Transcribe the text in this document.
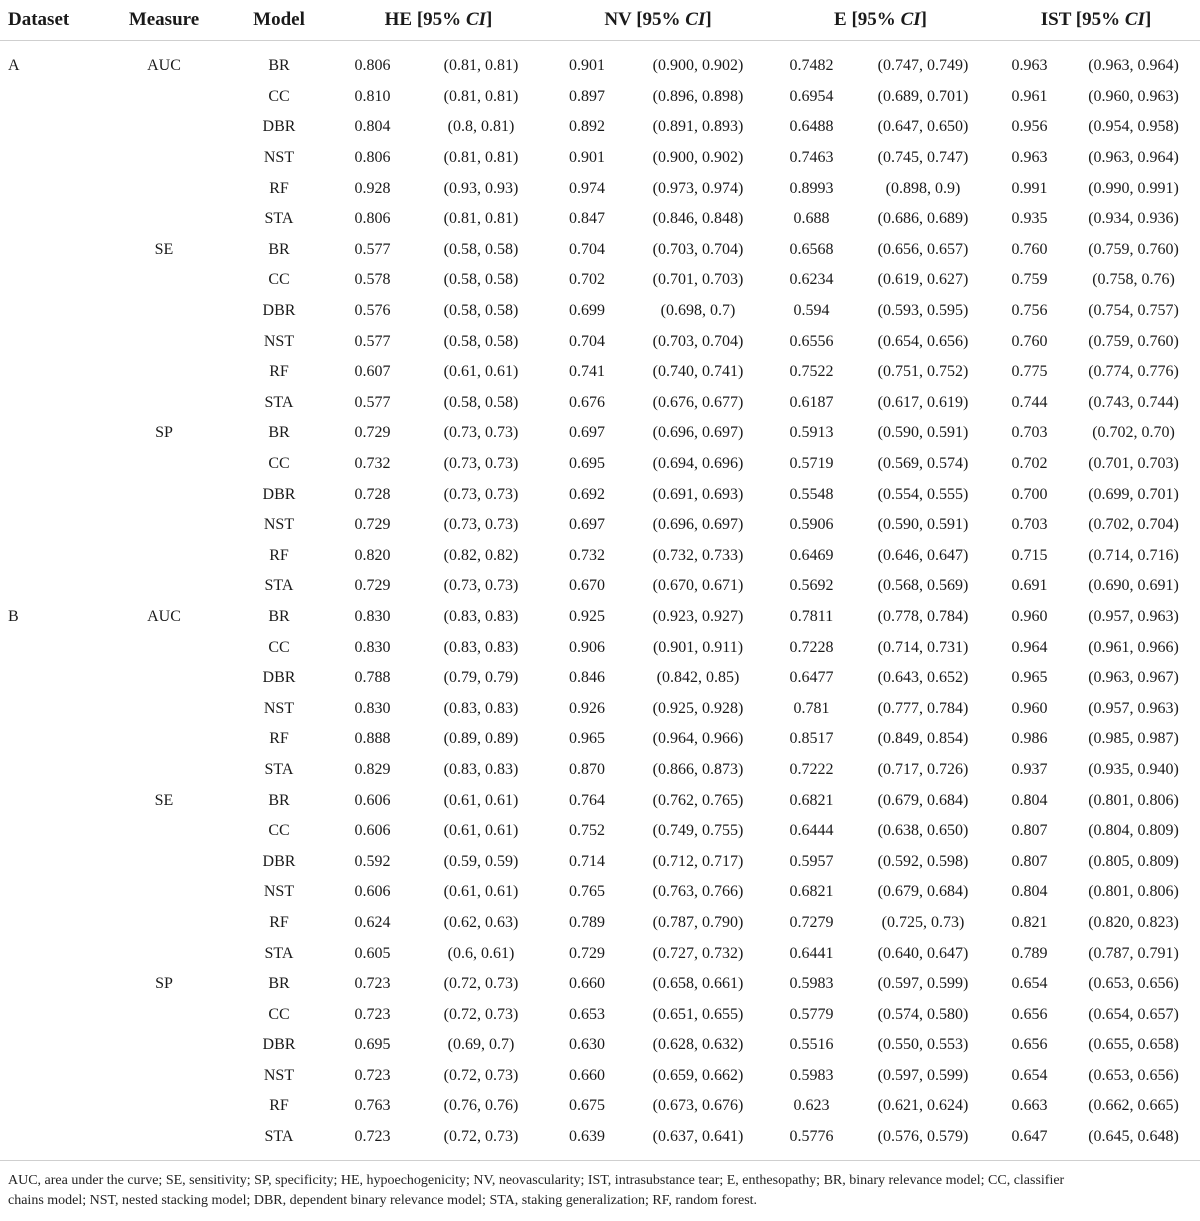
Dataset	Measure	Model	HE [95% CI]		NV [95% CI]		E [95% CI]		IST [95% CI]	
A	AUC	BR	0.806	(0.81, 0.81)	0.901	(0.900, 0.902)	0.7482	(0.747, 0.749)	0.963	(0.963, 0.964)
		CC	0.810	(0.81, 0.81)	0.897	(0.896, 0.898)	0.6954	(0.689, 0.701)	0.961	(0.960, 0.963)
		DBR	0.804	(0.8, 0.81)	0.892	(0.891, 0.893)	0.6488	(0.647, 0.650)	0.956	(0.954, 0.958)
		NST	0.806	(0.81, 0.81)	0.901	(0.900, 0.902)	0.7463	(0.745, 0.747)	0.963	(0.963, 0.964)
		RF	0.928	(0.93, 0.93)	0.974	(0.973, 0.974)	0.8993	(0.898, 0.9)	0.991	(0.990, 0.991)
		STA	0.806	(0.81, 0.81)	0.847	(0.846, 0.848)	0.688	(0.686, 0.689)	0.935	(0.934, 0.936)
	SE	BR	0.577	(0.58, 0.58)	0.704	(0.703, 0.704)	0.6568	(0.656, 0.657)	0.760	(0.759, 0.760)
		CC	0.578	(0.58, 0.58)	0.702	(0.701, 0.703)	0.6234	(0.619, 0.627)	0.759	(0.758, 0.76)
		DBR	0.576	(0.58, 0.58)	0.699	(0.698, 0.7)	0.594	(0.593, 0.595)	0.756	(0.754, 0.757)
		NST	0.577	(0.58, 0.58)	0.704	(0.703, 0.704)	0.6556	(0.654, 0.656)	0.760	(0.759, 0.760)
		RF	0.607	(0.61, 0.61)	0.741	(0.740, 0.741)	0.7522	(0.751, 0.752)	0.775	(0.774, 0.776)
		STA	0.577	(0.58, 0.58)	0.676	(0.676, 0.677)	0.6187	(0.617, 0.619)	0.744	(0.743, 0.744)
	SP	BR	0.729	(0.73, 0.73)	0.697	(0.696, 0.697)	0.5913	(0.590, 0.591)	0.703	(0.702, 0.70)
		CC	0.732	(0.73, 0.73)	0.695	(0.694, 0.696)	0.5719	(0.569, 0.574)	0.702	(0.701, 0.703)
		DBR	0.728	(0.73, 0.73)	0.692	(0.691, 0.693)	0.5548	(0.554, 0.555)	0.700	(0.699, 0.701)
		NST	0.729	(0.73, 0.73)	0.697	(0.696, 0.697)	0.5906	(0.590, 0.591)	0.703	(0.702, 0.704)
		RF	0.820	(0.82, 0.82)	0.732	(0.732, 0.733)	0.6469	(0.646, 0.647)	0.715	(0.714, 0.716)
		STA	0.729	(0.73, 0.73)	0.670	(0.670, 0.671)	0.5692	(0.568, 0.569)	0.691	(0.690, 0.691)
B	AUC	BR	0.830	(0.83, 0.83)	0.925	(0.923, 0.927)	0.7811	(0.778, 0.784)	0.960	(0.957, 0.963)
		CC	0.830	(0.83, 0.83)	0.906	(0.901, 0.911)	0.7228	(0.714, 0.731)	0.964	(0.961, 0.966)
		DBR	0.788	(0.79, 0.79)	0.846	(0.842, 0.85)	0.6477	(0.643, 0.652)	0.965	(0.963, 0.967)
		NST	0.830	(0.83, 0.83)	0.926	(0.925, 0.928)	0.781	(0.777, 0.784)	0.960	(0.957, 0.963)
		RF	0.888	(0.89, 0.89)	0.965	(0.964, 0.966)	0.8517	(0.849, 0.854)	0.986	(0.985, 0.987)
		STA	0.829	(0.83, 0.83)	0.870	(0.866, 0.873)	0.7222	(0.717, 0.726)	0.937	(0.935, 0.940)
	SE	BR	0.606	(0.61, 0.61)	0.764	(0.762, 0.765)	0.6821	(0.679, 0.684)	0.804	(0.801, 0.806)
		CC	0.606	(0.61, 0.61)	0.752	(0.749, 0.755)	0.6444	(0.638, 0.650)	0.807	(0.804, 0.809)
		DBR	0.592	(0.59, 0.59)	0.714	(0.712, 0.717)	0.5957	(0.592, 0.598)	0.807	(0.805, 0.809)
		NST	0.606	(0.61, 0.61)	0.765	(0.763, 0.766)	0.6821	(0.679, 0.684)	0.804	(0.801, 0.806)
		RF	0.624	(0.62, 0.63)	0.789	(0.787, 0.790)	0.7279	(0.725, 0.73)	0.821	(0.820, 0.823)
		STA	0.605	(0.6, 0.61)	0.729	(0.727, 0.732)	0.6441	(0.640, 0.647)	0.789	(0.787, 0.791)
	SP	BR	0.723	(0.72, 0.73)	0.660	(0.658, 0.661)	0.5983	(0.597, 0.599)	0.654	(0.653, 0.656)
		CC	0.723	(0.72, 0.73)	0.653	(0.651, 0.655)	0.5779	(0.574, 0.580)	0.656	(0.654, 0.657)
		DBR	0.695	(0.69, 0.7)	0.630	(0.628, 0.632)	0.5516	(0.550, 0.553)	0.656	(0.655, 0.658)
		NST	0.723	(0.72, 0.73)	0.660	(0.659, 0.662)	0.5983	(0.597, 0.599)	0.654	(0.653, 0.656)
		RF	0.763	(0.76, 0.76)	0.675	(0.673, 0.676)	0.623	(0.621, 0.624)	0.663	(0.662, 0.665)
		STA	0.723	(0.72, 0.73)	0.639	(0.637, 0.641)	0.5776	(0.576, 0.579)	0.647	(0.645, 0.648)
AUC, area under the curve; SE, sensitivity; SP, specificity; HE, hypoechogenicity; NV, neovascularity; IST, intrasubstance tear; E, enthesopathy; BR, binary relevance model; CC, classifier
chains model; NST, nested stacking model; DBR, dependent binary relevance model; STA, staking generalization; RF, random forest.
